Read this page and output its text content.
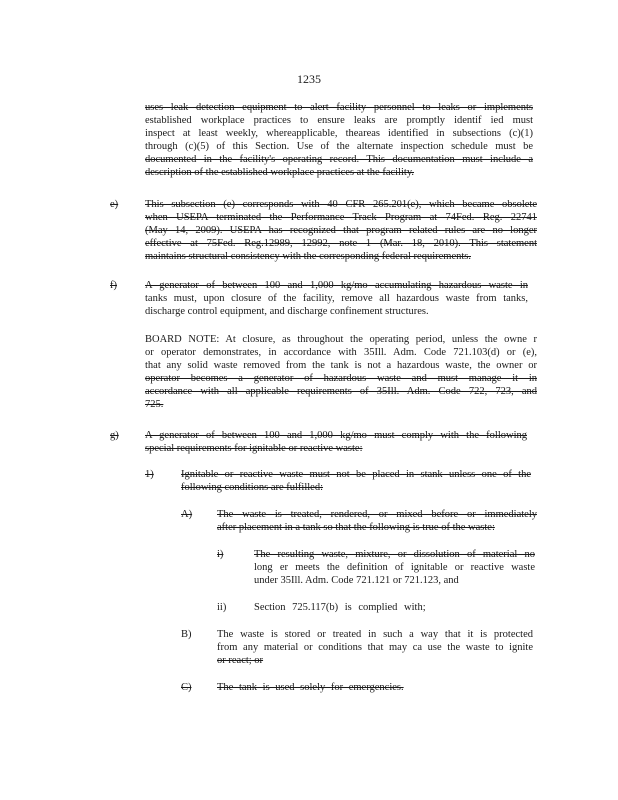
1235
uses leak detection equipment to alert facility personnel to leaks or implements
established workplace practices to ensure leaks are promptly identif ied must
inspect at least weekly, whereapplicable, theareas identified in subsections (c)(1)
through (c)(5) of this Section. Use of the alternate inspection schedule must be
documented in the facility's operating record. This documentation must include a
description of the established workplace practices at the facility.
e)	This subsection (e) corresponds with 40 CFR 265.201(e), which became obsolete
when USEPA terminated the Performance Track Program at 74Fed. Reg. 22741
(May 14, 2009). USEPA has recognized that program related rules are no longer
effective at 75Fed. Reg.12989, 12992, note 1 (Mar. 18, 2010). This statement
maintains structural consistency with the corresponding federal requirements.
f)	A generator of between 100 and 1,000 kg/mo accumulating hazardous waste in
tanks must, upon closure of the facility, remove all hazardous waste from tanks,
discharge control equipment, and discharge confinement structures.
BOARD NOTE: At closure, as throughout the operating period, unless the owne r
or operator demonstrates, in accordance with 35Ill. Adm. Code 721.103(d) or (e),
that any solid waste removed from the tank is not a hazardous waste, the owner or
operator becomes a generator of hazardous waste and must manage it in
accordance with all applicable requirements of 35Ill. Adm. Code 722, 723, and
725.
g)	A generator of between 100 and 1,000 kg/mo must comply with the following
special requirements for ignitable or reactive waste:
1)	Ignitable or reactive waste must not be placed in stank unless one of the
following conditions are fulfilled:
A) The waste is treated, rendered, or mixed before or immediately
after placement in a tank so that the following is true of the waste:
i)	The resulting waste, mixture, or dissolution of material no
long er meets the definition of ignitable or reactive waste
under 35Ill. Adm. Code 721.121 or 721.123, and
ii)	Section 725.117(b) is complied with;
B) The waste is stored or treated in such a way that it is protected
from any material or conditions that may ca use the waste to ignite
or react; or
C) The tank is used solely for emergencies.
